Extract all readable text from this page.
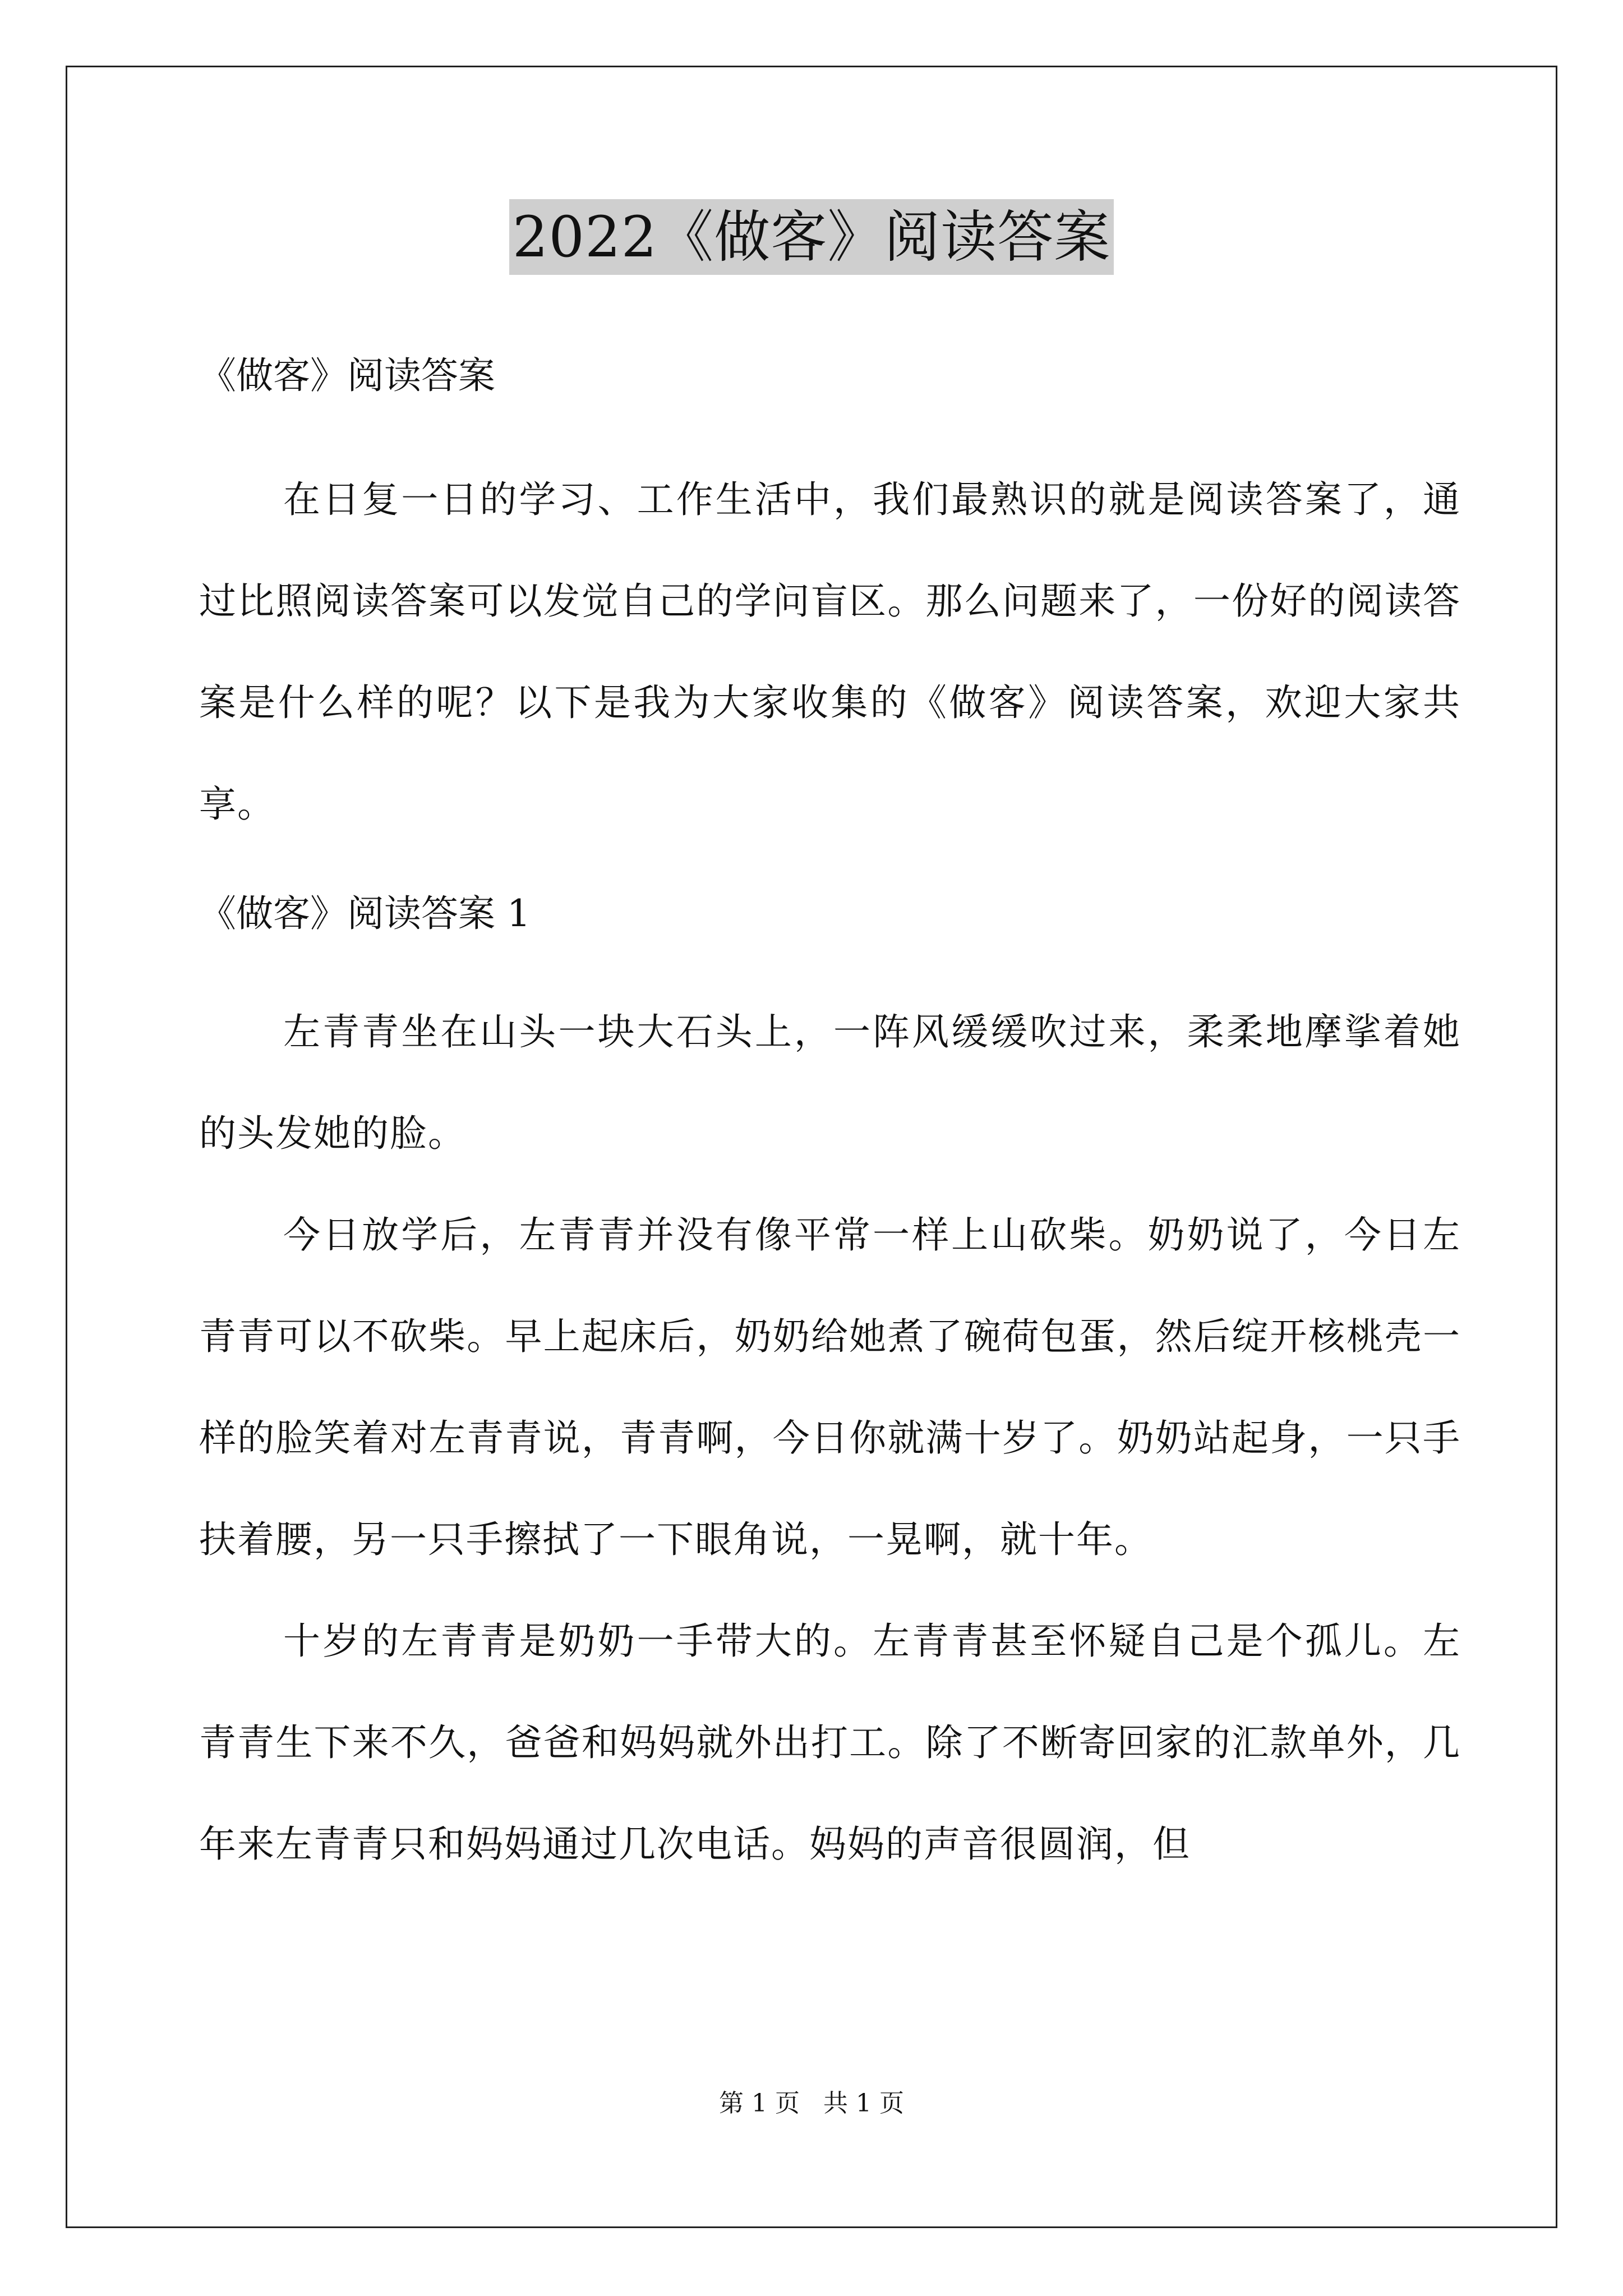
2022《做客》阅读答案

《做客》阅读答案

在日复一日的学习、工作生活中，我们最熟识的就是阅读答案了，通过比照阅读答案可以发觉自己的学问盲区。那么问题来了，一份好的阅读答案是什么样的呢？以下是我为大家收集的《做客》阅读答案，欢迎大家共享。

《做客》阅读答案 1

左青青坐在山头一块大石头上，一阵风缓缓吹过来，柔柔地摩挲着她的头发她的脸。

今日放学后，左青青并没有像平常一样上山砍柴。奶奶说了，今日左青青可以不砍柴。早上起床后，奶奶给她煮了碗荷包蛋，然后绽开核桃壳一样的脸笑着对左青青说，青青啊，今日你就满十岁了。奶奶站起身，一只手扶着腰，另一只手擦拭了一下眼角说，一晃啊，就十年。

十岁的左青青是奶奶一手带大的。左青青甚至怀疑自己是个孤儿。左青青生下来不久，爸爸和妈妈就外出打工。除了不断寄回家的汇款单外，几年来左青青只和妈妈通过几次电话。妈妈的声音很圆润，但

第 1 页 共 1 页
